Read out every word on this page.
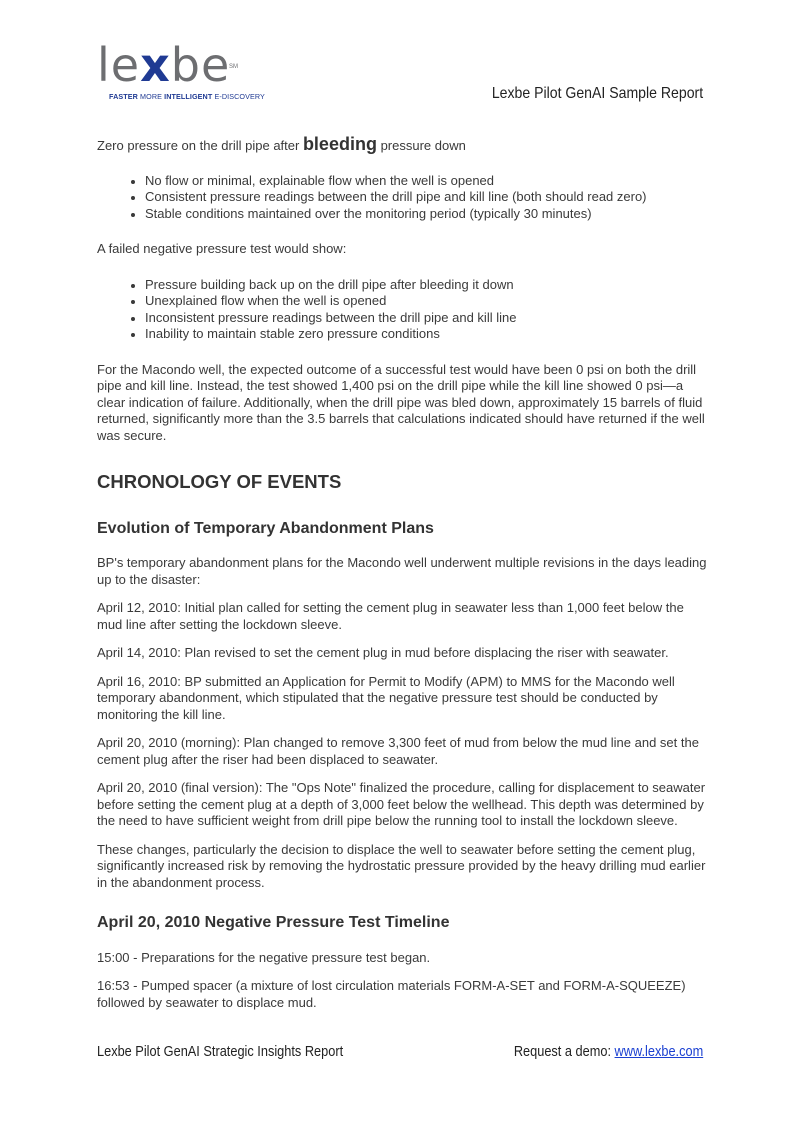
lexbe
SM
FASTER MORE INTELLIGENT E-DISCOVERY	Lexbe Pilot GenAI Sample Report

Zero pressure on the drill pipe after bleeding pressure down

• No flow or minimal, explainable flow when the well is opened
• Consistent pressure readings between the drill pipe and kill line (both should read zero)
• Stable conditions maintained over the monitoring period (typically 30 minutes)

A failed negative pressure test would show:

• Pressure building back up on the drill pipe after bleeding it down
• Unexplained flow when the well is opened
• Inconsistent pressure readings between the drill pipe and kill line
• Inability to maintain stable zero pressure conditions

For the Macondo well, the expected outcome of a successful test would have been 0 psi on both the drill pipe and kill line. Instead, the test showed 1,400 psi on the drill pipe while the kill line showed 0 psi—a clear indication of failure. Additionally, when the drill pipe was bled down, approximately 15 barrels of fluid returned, significantly more than the 3.5 barrels that calculations indicated should have returned if the well was secure.

CHRONOLOGY OF EVENTS
Evolution of Temporary Abandonment Plans

BP's temporary abandonment plans for the Macondo well underwent multiple revisions in the days leading up to the disaster:

April 12, 2010: Initial plan called for setting the cement plug in seawater less than 1,000 feet below the mud line after setting the lockdown sleeve.

April 14, 2010: Plan revised to set the cement plug in mud before displacing the riser with seawater.

April 16, 2010: BP submitted an Application for Permit to Modify (APM) to MMS for the Macondo well temporary abandonment, which stipulated that the negative pressure test should be conducted by monitoring the kill line.

April 20, 2010 (morning): Plan changed to remove 3,300 feet of mud from below the mud line and set the cement plug after the riser had been displaced to seawater.

April 20, 2010 (final version): The "Ops Note" finalized the procedure, calling for displacement to seawater before setting the cement plug at a depth of 3,000 feet below the wellhead. This depth was determined by the need to have sufficient weight from drill pipe below the running tool to install the lockdown sleeve.

These changes, particularly the decision to displace the well to seawater before setting the cement plug, significantly increased risk by removing the hydrostatic pressure provided by the heavy drilling mud earlier in the abandonment process.

April 20, 2010 Negative Pressure Test Timeline

15:00 - Preparations for the negative pressure test began.

16:53 - Pumped spacer (a mixture of lost circulation materials FORM-A-SET and FORM-A-SQUEEZE) followed by seawater to displace mud.

Lexbe Pilot GenAI Strategic Insights Report	Request a demo: www.lexbe.com
